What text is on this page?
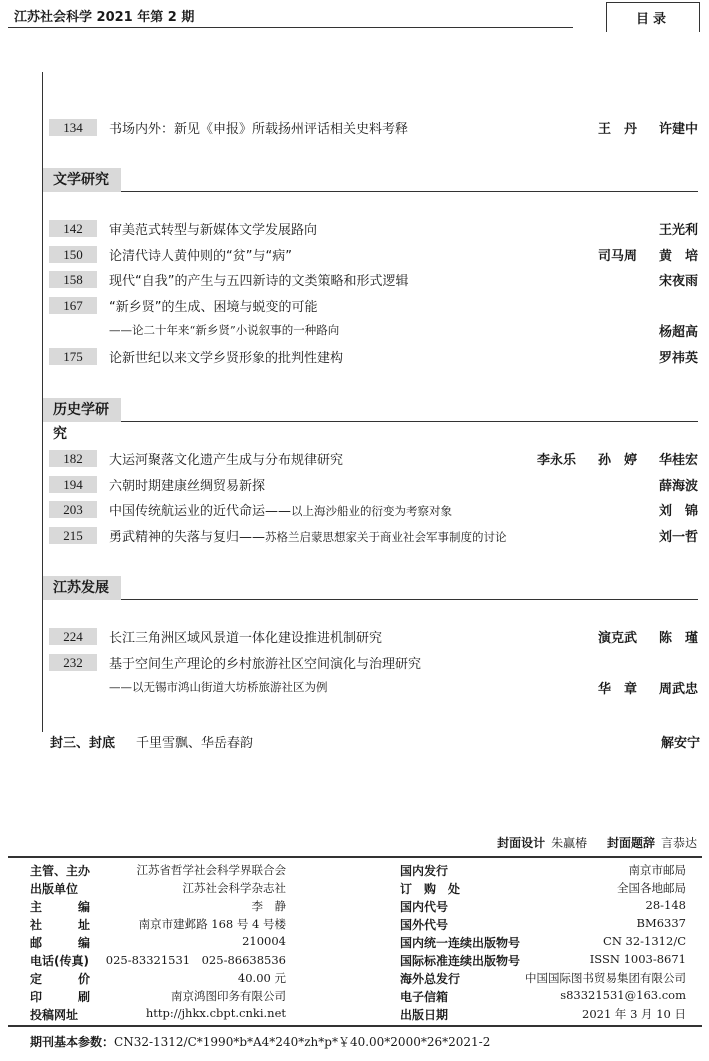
江苏社会科学 2021 年第 2 期	目录
134	书场内外：新见《申报》所载扬州评话相关史料考释	王　丹 许建中
文学研究
142	审美范式转型与新媒体文学发展路向	王光利
150	论清代诗人黄仲则的“贫”与“病”	司马周 黄　培
158	现代“自我”的产生与五四新诗的文类策略和形式逻辑	宋夜雨
167	“新乡贤”的生成、困境与蜕变的可能
——论二十年来“新乡贤”小说叙事的一种路向	杨超高
175	论新世纪以来文学乡贤形象的批判性建构	罗祎英
历史学研究
182	大运河聚落文化遗产生成与分布规律研究	李永乐 孙　婷 华桂宏
194	六朝时期建康丝绸贸易新探	薛海波
203	中国传统航运业的近代命运——以上海沙船业的衍变为考察对象	刘　锦
215	勇武精神的失落与复归——苏格兰启蒙思想家关于商业社会军事制度的讨论	刘一哲
江苏发展
224	长江三角洲区域风景道一体化建设推进机制研究	演克武 陈　瑾
232	基于空间生产理论的乡村旅游社区空间演化与治理研究
——以无锡市鸿山街道大坊桥旅游社区为例	华　章 周武忠
封三、封底 千里雪飘、华岳春韵	解安宁
封面设计 朱赢椿 封面题辞 言恭达
主管、主办	江苏省哲学社会科学界联合会
出版单位	江苏社会科学杂志社
主　　　编	李　静
社　　　址	南京市建邺路 168 号 4 号楼
邮　　　编	210004
电话(传真) 025-83321531　025-86638536
定　　　价	40.00 元
印　　　刷	南京鸿图印务有限公司
投稿网址	http://jhkx.cbpt.cnki.net
国内发行	南京市邮局
订　购　处	全国各地邮局
国内代号	28-148
国外代号	BM6337
国内统一连续出版物号	CN 32-1312/C
国际标准连续出版物号	ISSN 1003-8671
海外总发行	中国国际图书贸易集团有限公司
电子信箱	s83321531@163.com
出版日期	2021 年 3 月 10 日
期刊基本参数：CN32-1312/C*1990*b*A4*240*zh*p*￥40.00*2000*26*2021-2
